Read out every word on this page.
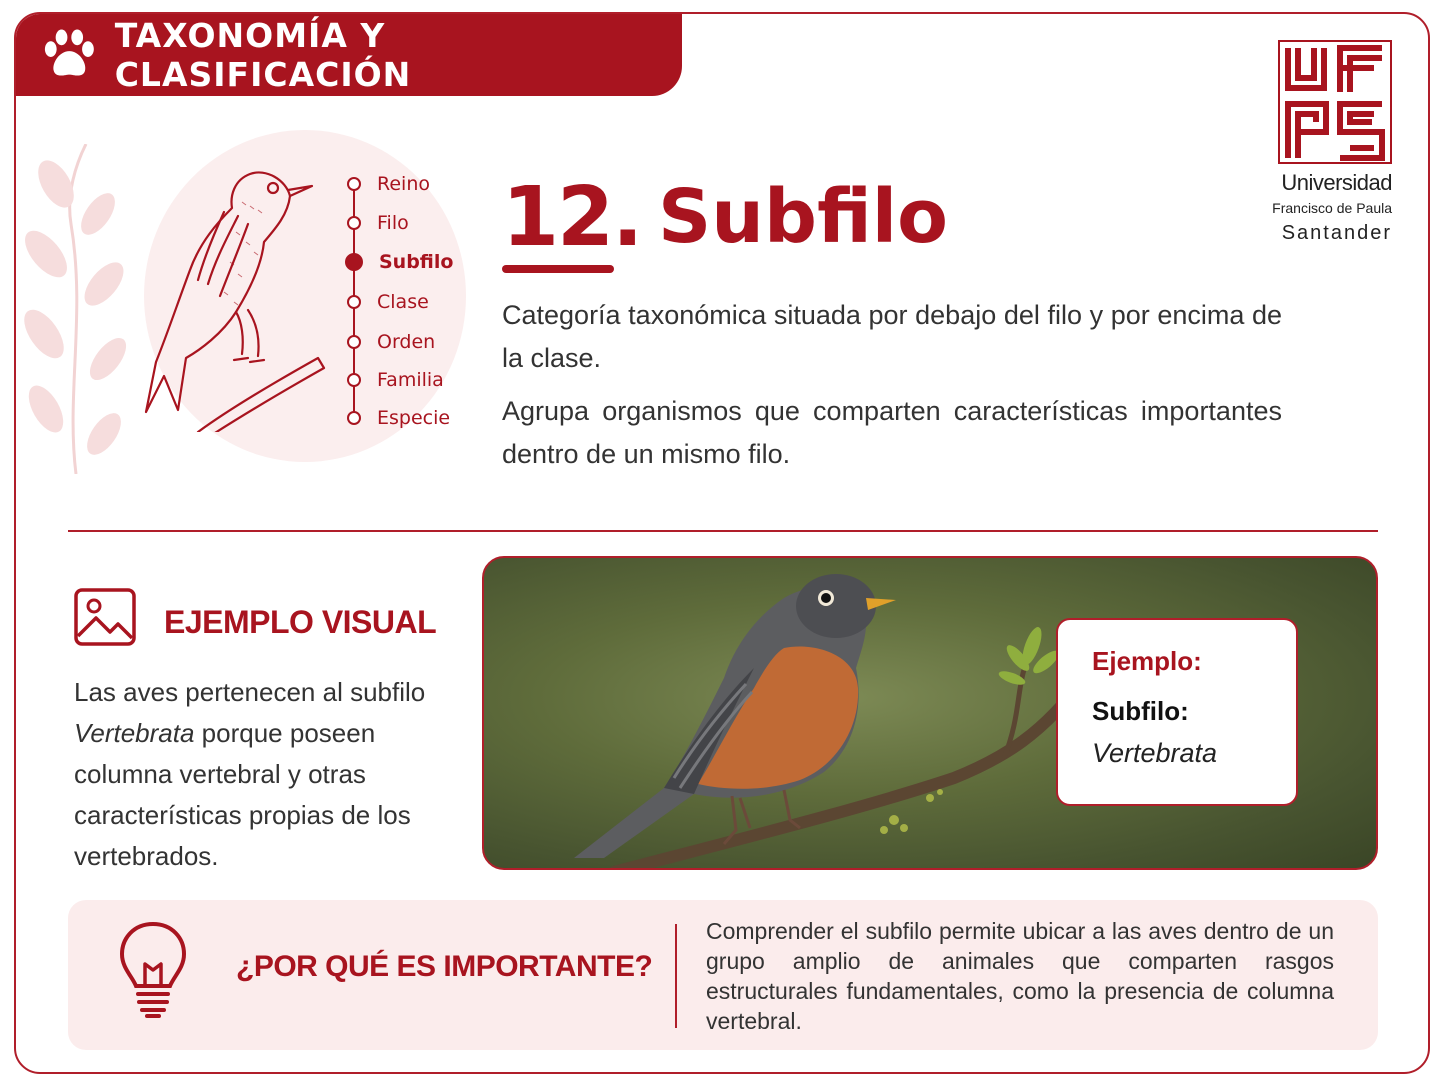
TAXONOMÍA Y CLASIFICACIÓN
Reino
Filo
Subfilo
Clase
Orden
Familia
Especie
12. Subfilo
Categoría taxonómica situada por debajo del filo y por encima de la clase.
Agrupa organismos que comparten características importantes dentro de un mismo filo.
Universidad
Francisco de Paula
Santander
EJEMPLO VISUAL
Las aves pertenecen al subfilo Vertebrata porque poseen columna vertebral y otras características propias de los vertebrados.
Ejemplo:
Subfilo:
Vertebrata
¿POR QUÉ ES IMPORTANTE?
Comprender el subfilo permite ubicar a las aves dentro de un grupo amplio de animales que comparten rasgos estructurales fundamentales, como la presencia de columna vertebral.
